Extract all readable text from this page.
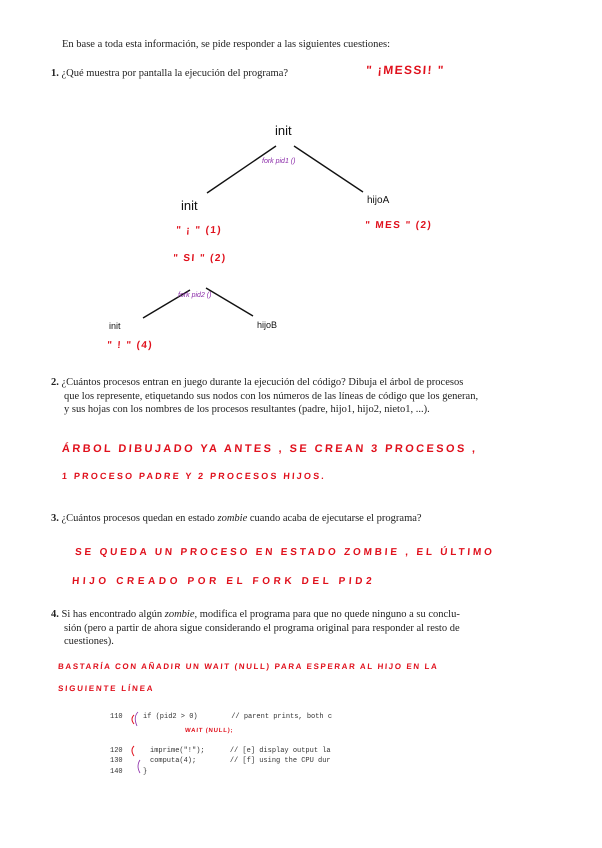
En base a toda esta información, se pide responder a las siguientes cuestiones:
1. ¿Qué muestra por pantalla la ejecución del programa?	" ¡MESSI! "
init
fork pid1 ()
init	hijoA
" ¡ " (1)
" SI " (2)
" MES " (2)
fork pid2 ()
init	hijoB
" ! " (4)
2. ¿Cuántos procesos entran en juego durante la ejecución del código? Dibuja el árbol de procesos
que los represente, etiquetando sus nodos con los números de las líneas de código que los generan,
y sus hojas con los nombres de los procesos resultantes (padre, hijo1, hijo2, nieto1, ...).
ÁRBOL DIBUJADO YA ANTES , SE CREAN 3 PROCESOS ,
1 PROCESO PADRE Y 2 PROCESOS HIJOS.
3. ¿Cuántos procesos quedan en estado zombie cuando acaba de ejecutarse el programa?
SE QUEDA UN PROCESO EN ESTADO ZOMBIE , EL ÚLTIMO
HIJO CREADO POR EL FORK DEL PID2
4. Si has encontrado algún zombie, modifica el programa para que no quede ninguno a su conclu-
sión (pero a partir de ahora sigue considerando el programa original para responder al resto de
cuestiones).
BASTARÍA CON AÑADIR UN WAIT (NULL) PARA ESPERAR AL HIJO EN LA
SIGUIENTE LÍNEA
110	if (pid2 > 0)        // parent prints, both c
WAIT (NULL);
120	imprime("!");      // [e] display output la
130	computa(4);        // [f] using the CPU dur
140	}
